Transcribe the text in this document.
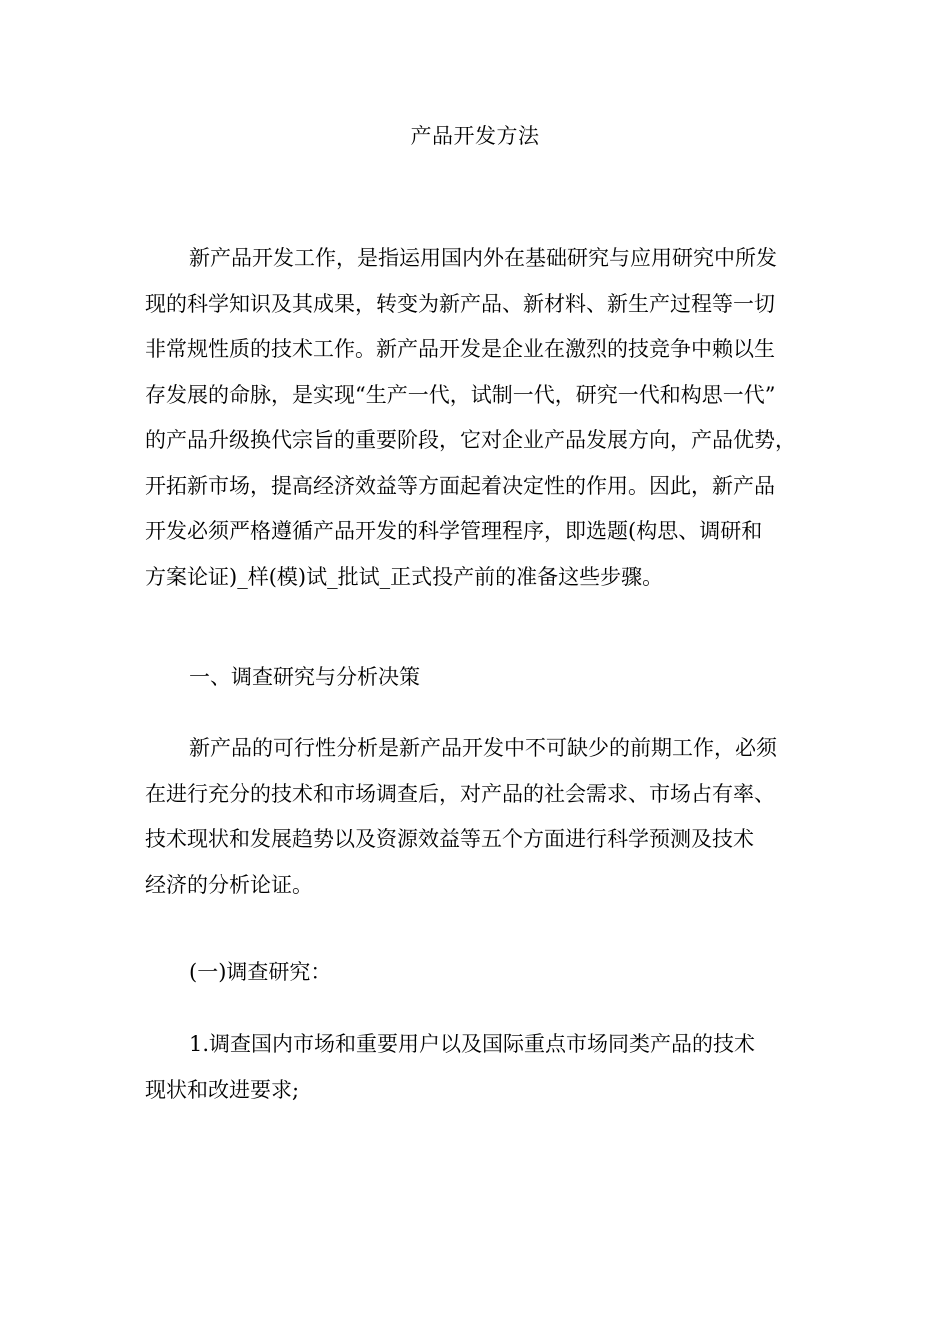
产品开发方法
新产品开发工作，是指运用国内外在基础研究与应用研究中所发
现的科学知识及其成果，转变为新产品、新材料、新生产过程等一切
非常规性质的技术工作。新产品开发是企业在激烈的技竞争中赖以生
存发展的命脉，是实现“生产一代，试制一代，研究一代和构思一代”
的产品升级换代宗旨的重要阶段，它对企业产品发展方向，产品优势，
开拓新市场，提高经济效益等方面起着决定性的作用。因此，新产品
开发必须严格遵循产品开发的科学管理程序，即选题(构思、调研和
方案论证)_样(模)试_批试_正式投产前的准备这些步骤。
一、调查研究与分析决策
新产品的可行性分析是新产品开发中不可缺少的前期工作，必须
在进行充分的技术和市场调查后，对产品的社会需求、市场占有率、
技术现状和发展趋势以及资源效益等五个方面进行科学预测及技术
经济的分析论证。
(一)调查研究：
1.调查国内市场和重要用户以及国际重点市场同类产品的技术
现状和改进要求;
